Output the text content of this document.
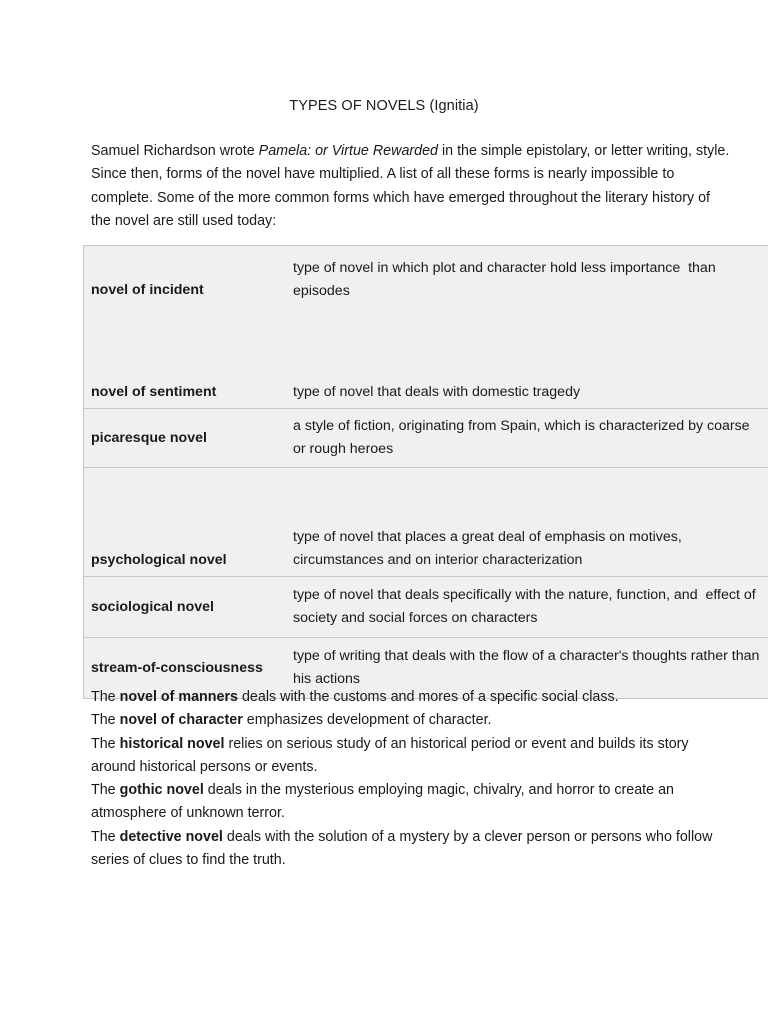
TYPES OF NOVELS (Ignitia)

Samuel Richardson wrote Pamela: or Virtue Rewarded in the simple epistolary, or letter writing, style. Since then, forms of the novel have multiplied. A list of all these forms is nearly impossible to complete. Some of the more common forms which have emerged throughout the literary history of the novel are still used today:

novel of incident	type of novel in which plot and character hold less importance  than episodes
novel of sentiment	type of novel that deals with domestic tragedy
picaresque novel	a style of fiction, originating from Spain, which is characterized by coarse or rough heroes
psychological novel	type of novel that places a great deal of emphasis on motives, circumstances and on interior characterization
sociological novel	type of novel that deals specifically with the nature, function, and  effect of society and social forces on characters
stream-of-consciousness	type of writing that deals with the flow of a character's thoughts rather than his actions

The novel of manners deals with the customs and mores of a specific social class.

The novel of character emphasizes development of character.

The historical novel relies on serious study of an historical period or event and builds its story around historical persons or events.

The gothic novel deals in the mysterious employing magic, chivalry, and horror to create an atmosphere of unknown terror.

The detective novel deals with the solution of a mystery by a clever person or persons who follow series of clues to find the truth.
